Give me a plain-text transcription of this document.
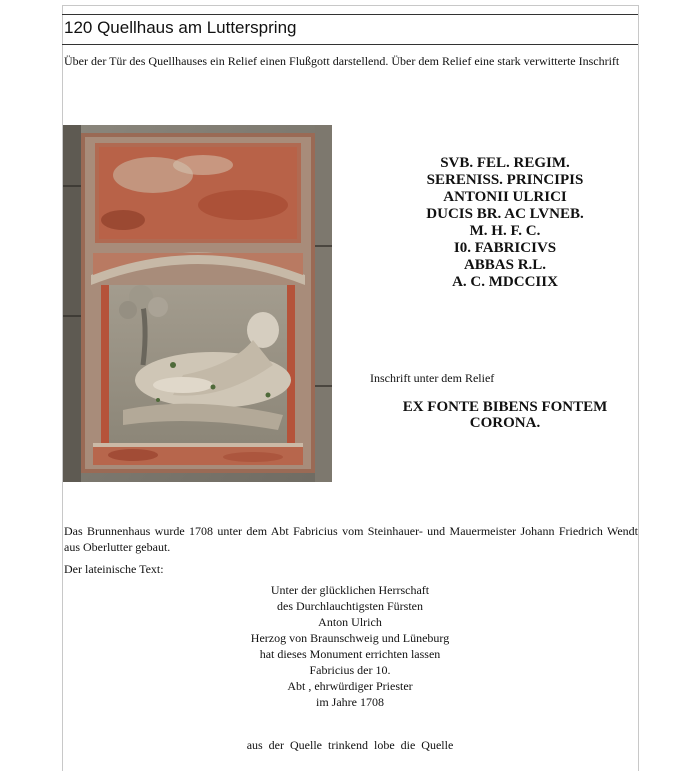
120 Quellhaus am Lutterspring
Über der Tür des Quellhauses ein Relief einen Flußgott darstellend. Über dem Relief eine stark verwitterte Inschrift
SVB. FEL. REGIM.
SERENISS. PRINCIPIS
ANTONII ULRICI
DUCIS BR. AC LVNEB.
M. H. F. C.
I0. FABRICIVS
ABBAS R.L.
A. C. MDCCIIX
Inschrift unter dem Relief
EX FONTE BIBENS FONTEM
CORONA.
Das Brunnenhaus wurde 1708 unter dem Abt Fabricius vom Steinhauer- und Mauermeister Johann Friedrich Wendt aus Oberlutter gebaut.
Der lateinische Text:
Unter der glücklichen Herrschaft
des Durchlauchtigsten Fürsten
Anton Ulrich
Herzog von Braunschweig und Lüneburg
hat dieses Monument errichten lassen
Fabricius der 10.
Abt , ehrwürdiger Priester
im Jahre 1708
aus der Quelle trinkend lobe die Quelle
